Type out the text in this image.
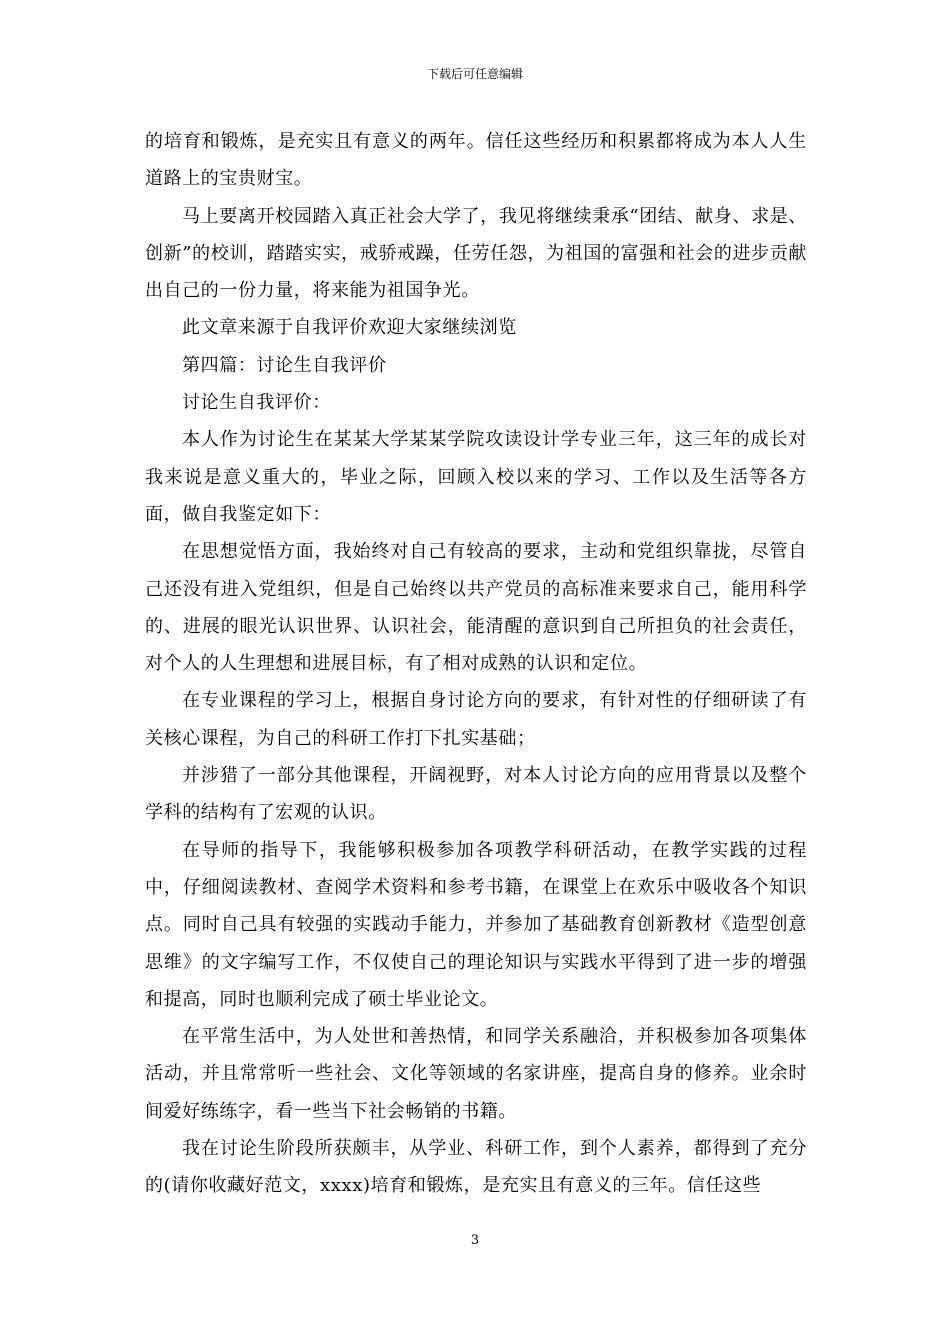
下载后可任意编辑

的培育和锻炼，是充实且有意义的两年。信任这些经历和积累都将成为本人人生道路上的宝贵财宝。

马上要离开校园踏入真正社会大学了，我见将继续秉承“团结、献身、求是、创新”的校训，踏踏实实，戒骄戒躁，任劳任怨，为祖国的富强和社会的进步贡献出自己的一份力量，将来能为祖国争光。

此文章来源于自我评价欢迎大家继续浏览

第四篇：讨论生自我评价

讨论生自我评价：

本人作为讨论生在某某大学某某学院攻读设计学专业三年，这三年的成长对我来说是意义重大的，毕业之际，回顾入校以来的学习、工作以及生活等各方面，做自我鉴定如下：

在思想觉悟方面，我始终对自己有较高的要求，主动和党组织靠拢，尽管自己还没有进入党组织，但是自己始终以共产党员的高标准来要求自己，能用科学的、进展的眼光认识世界、认识社会，能清醒的意识到自己所担负的社会责任，对个人的人生理想和进展目标，有了相对成熟的认识和定位。

在专业课程的学习上，根据自身讨论方向的要求，有针对性的仔细研读了有关核心课程，为自己的科研工作打下扎实基础；

并涉猎了一部分其他课程，开阔视野，对本人讨论方向的应用背景以及整个学科的结构有了宏观的认识。

在导师的指导下，我能够积极参加各项教学科研活动，在教学实践的过程中，仔细阅读教材、查阅学术资料和参考书籍，在课堂上在欢乐中吸收各个知识点。同时自己具有较强的实践动手能力，并参加了基础教育创新教材《造型创意思维》的文字编写工作，不仅使自己的理论知识与实践水平得到了进一步的增强和提高，同时也顺利完成了硕士毕业论文。

在平常生活中，为人处世和善热情，和同学关系融洽，并积极参加各项集体活动，并且常常听一些社会、文化等领域的名家讲座，提高自身的修养。业余时间爱好练练字，看一些当下社会畅销的书籍。

我在讨论生阶段所获颇丰，从学业、科研工作，到个人素养，都得到了充分的(请你收藏好范文，xxxx)培育和锻炼，是充实且有意义的三年。信任这些

3
